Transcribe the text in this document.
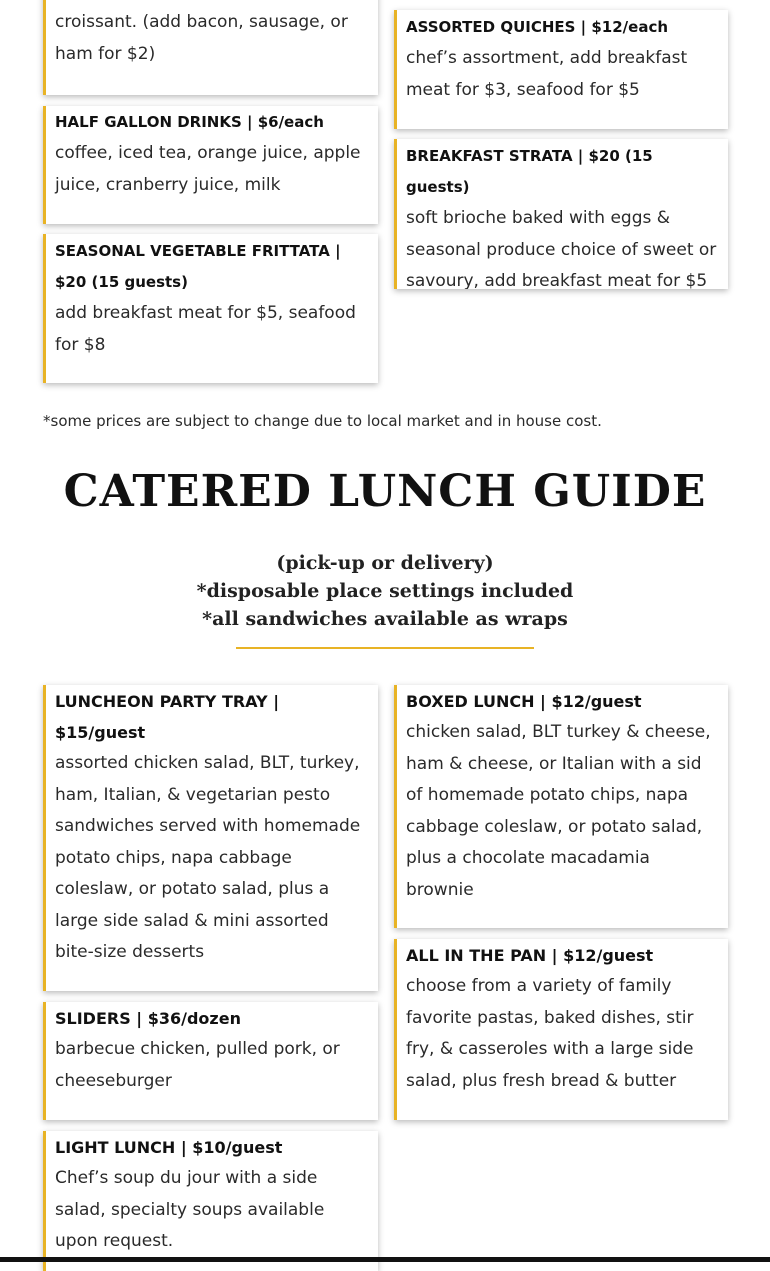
croissant. (add bacon, sausage, or ham for $2)

HALF GALLON DRINKS | $6/each

coffee, iced tea, orange juice, apple juice, cranberry juice, milk

SEASONAL VEGETABLE FRITTATA | $20 (15 guests)

add breakfast meat for $5, seafood for $8

ASSORTED QUICHES | $12/each

chef’s assortment, add breakfast meat for $3, seafood for $5

BREAKFAST STRATA | $20 (15 guests)

soft brioche baked with eggs & seasonal produce choice of sweet or savoury, add breakfast meat for $5

*some prices are subject to change due to local market and in house cost.

CATERED LUNCH GUIDE
(pick-up or delivery)
*disposable place settings included
*all sandwiches available as wraps

LUNCHEON PARTY TRAY | $15/guest

assorted chicken salad, BLT, turkey, ham, Italian, & vegetarian pesto sandwiches served with homemade potato chips, napa cabbage coleslaw, or potato salad, plus a large side salad & mini assorted bite-size desserts

SLIDERS | $36/dozen

barbecue chicken, pulled pork, or cheeseburger

LIGHT LUNCH | $10/guest

Chef’s soup du jour with a side salad, specialty soups available upon request.

BOXED LUNCH | $12/guest

chicken salad, BLT turkey & cheese, ham & cheese, or Italian with a sid of homemade potato chips, napa cabbage coleslaw, or potato salad, plus a chocolate macadamia brownie

ALL IN THE PAN | $12/guest

choose from a variety of family favorite pastas, baked dishes, stir fry, & casseroles with a large side salad, plus fresh bread & butter
